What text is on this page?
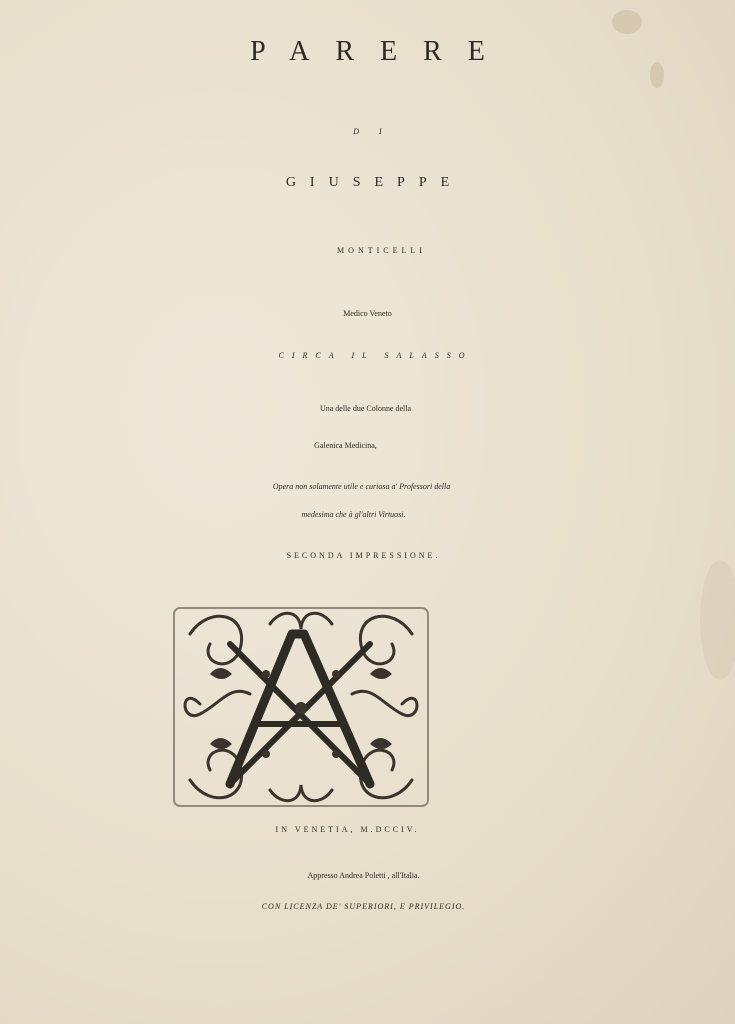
PARERE
DI
GIUSEPPE
MONTICELLI
Medico Veneto
CIRCA IL SALASSO
Una delle due Colonne della
Galenica Medicina,
Opera non solamente utile e curiosa a' Professori della
medesima che à gl'altri Virtuosi.
SECONDA IMPRESSIONE.
IN VENETIA, M.DCCIV.
Appresso Andrea Poletti , all'Italia.
CON LICENZA DE' SUPERIORI, E PRIVILEGIO.
